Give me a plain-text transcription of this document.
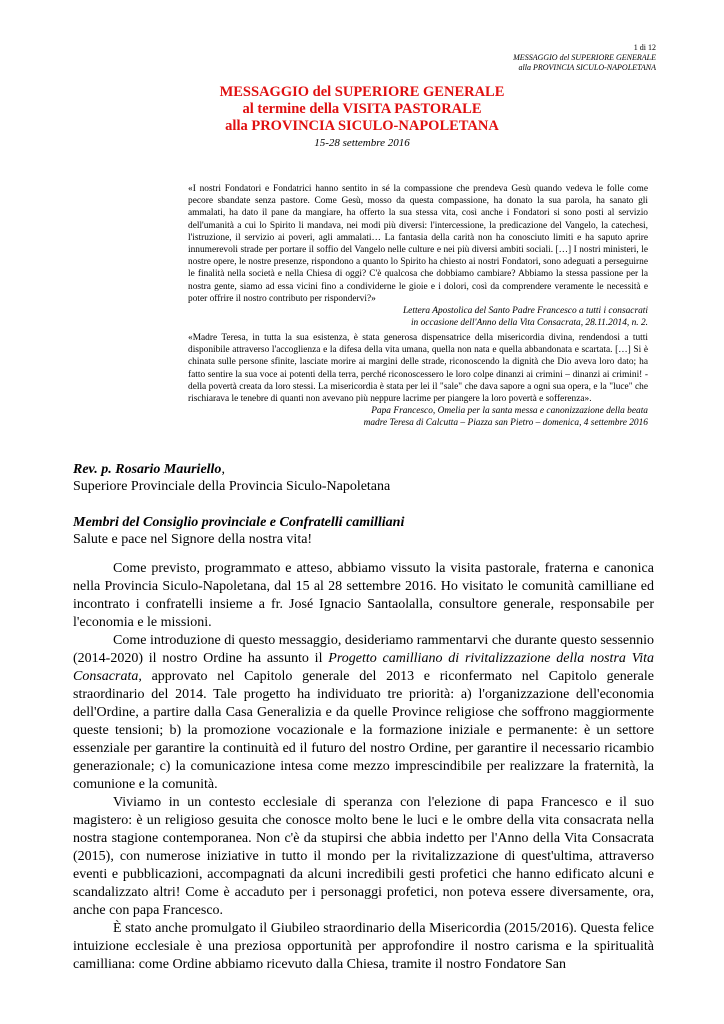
1 di 12
MESSAGGIO del SUPERIORE GENERALE
alla PROVINCIA SICULO-NAPOLETANA
MESSAGGIO del SUPERIORE GENERALE
al termine della VISITA PASTORALE
alla PROVINCIA SICULO-NAPOLETANA
15-28 settembre 2016
«I nostri Fondatori e Fondatrici hanno sentito in sé la compassione che prendeva Gesù quando vedeva le folle come pecore sbandate senza pastore. Come Gesù, mosso da questa compassione, ha donato la sua parola, ha sanato gli ammalati, ha dato il pane da mangiare, ha offerto la sua stessa vita, così anche i Fondatori si sono posti al servizio dell'umanità a cui lo Spirito li mandava, nei modi più diversi: l'intercessione, la predicazione del Vangelo, la catechesi, l'istruzione, il servizio ai poveri, agli ammalati… La fantasia della carità non ha conosciuto limiti e ha saputo aprire innumerevoli strade per portare il soffio del Vangelo nelle culture e nei più diversi ambiti sociali. […] I nostri ministeri, le nostre opere, le nostre presenze, rispondono a quanto lo Spirito ha chiesto ai nostri Fondatori, sono adeguati a perseguirne le finalità nella società e nella Chiesa di oggi? C'è qualcosa che dobbiamo cambiare? Abbiamo la stessa passione per la nostra gente, siamo ad essa vicini fino a condividerne le gioie e i dolori, così da comprendere veramente le necessità e poter offrire il nostro contributo per rispondervi?»
Lettera Apostolica del Santo Padre Francesco a tutti i consacrati
in occasione dell'Anno della Vita Consacrata, 28.11.2014, n. 2.
«Madre Teresa, in tutta la sua esistenza, è stata generosa dispensatrice della misericordia divina, rendendosi a tutti disponibile attraverso l'accoglienza e la difesa della vita umana, quella non nata e quella abbandonata e scartata. […] Si è chinata sulle persone sfinite, lasciate morire ai margini delle strade, riconoscendo la dignità che Dio aveva loro dato; ha fatto sentire la sua voce ai potenti della terra, perché riconoscessero le loro colpe dinanzi ai crimini – dinanzi ai crimini! - della povertà creata da loro stessi. La misericordia è stata per lei il "sale" che dava sapore a ogni sua opera, e la "luce" che rischiarava le tenebre di quanti non avevano più neppure lacrime per piangere la loro povertà e sofferenza».
Papa Francesco, Omelia per la santa messa e canonizzazione della beata
madre Teresa di Calcutta – Piazza san Pietro – domenica, 4 settembre 2016
Rev. p. Rosario Mauriello,
Superiore Provinciale della Provincia Siculo-Napoletana
Membri del Consiglio provinciale e Confratelli camilliani
Salute e pace nel Signore della nostra vita!

Come previsto, programmato e atteso, abbiamo vissuto la visita pastorale, fraterna e canonica nella Provincia Siculo-Napoletana, dal 15 al 28 settembre 2016. Ho visitato le comunità camilliane ed incontrato i confratelli insieme a fr. José Ignacio Santaolalla, consultore generale, responsabile per l'economia e le missioni.

Come introduzione di questo messaggio, desideriamo rammentarvi che durante questo sessennio (2014-2020) il nostro Ordine ha assunto il Progetto camilliano di rivitalizzazione della nostra Vita Consacrata, approvato nel Capitolo generale del 2013 e riconfermato nel Capitolo generale straordinario del 2014. Tale progetto ha individuato tre priorità: a) l'organizzazione dell'economia dell'Ordine, a partire dalla Casa Generalizia e da quelle Province religiose che soffrono maggiormente queste tensioni; b) la promozione vocazionale e la formazione iniziale e permanente: è un settore essenziale per garantire la continuità ed il futuro del nostro Ordine, per garantire il necessario ricambio generazionale; c) la comunicazione intesa come mezzo imprescindibile per realizzare la fraternità, la comunione e la comunità.

Viviamo in un contesto ecclesiale di speranza con l'elezione di papa Francesco e il suo magistero: è un religioso gesuita che conosce molto bene le luci e le ombre della vita consacrata nella nostra stagione contemporanea. Non c'è da stupirsi che abbia indetto per l'Anno della Vita Consacrata (2015), con numerose iniziative in tutto il mondo per la rivitalizzazione di quest'ultima, attraverso eventi e pubblicazioni, accompagnati da alcuni incredibili gesti profetici che hanno edificato alcuni e scandalizzato altri! Come è accaduto per i personaggi profetici, non poteva essere diversamente, ora, anche con papa Francesco.

È stato anche promulgato il Giubileo straordinario della Misericordia (2015/2016). Questa felice intuizione ecclesiale è una preziosa opportunità per approfondire il nostro carisma e la spiritualità camilliana: come Ordine abbiamo ricevuto dalla Chiesa, tramite il nostro Fondatore San
